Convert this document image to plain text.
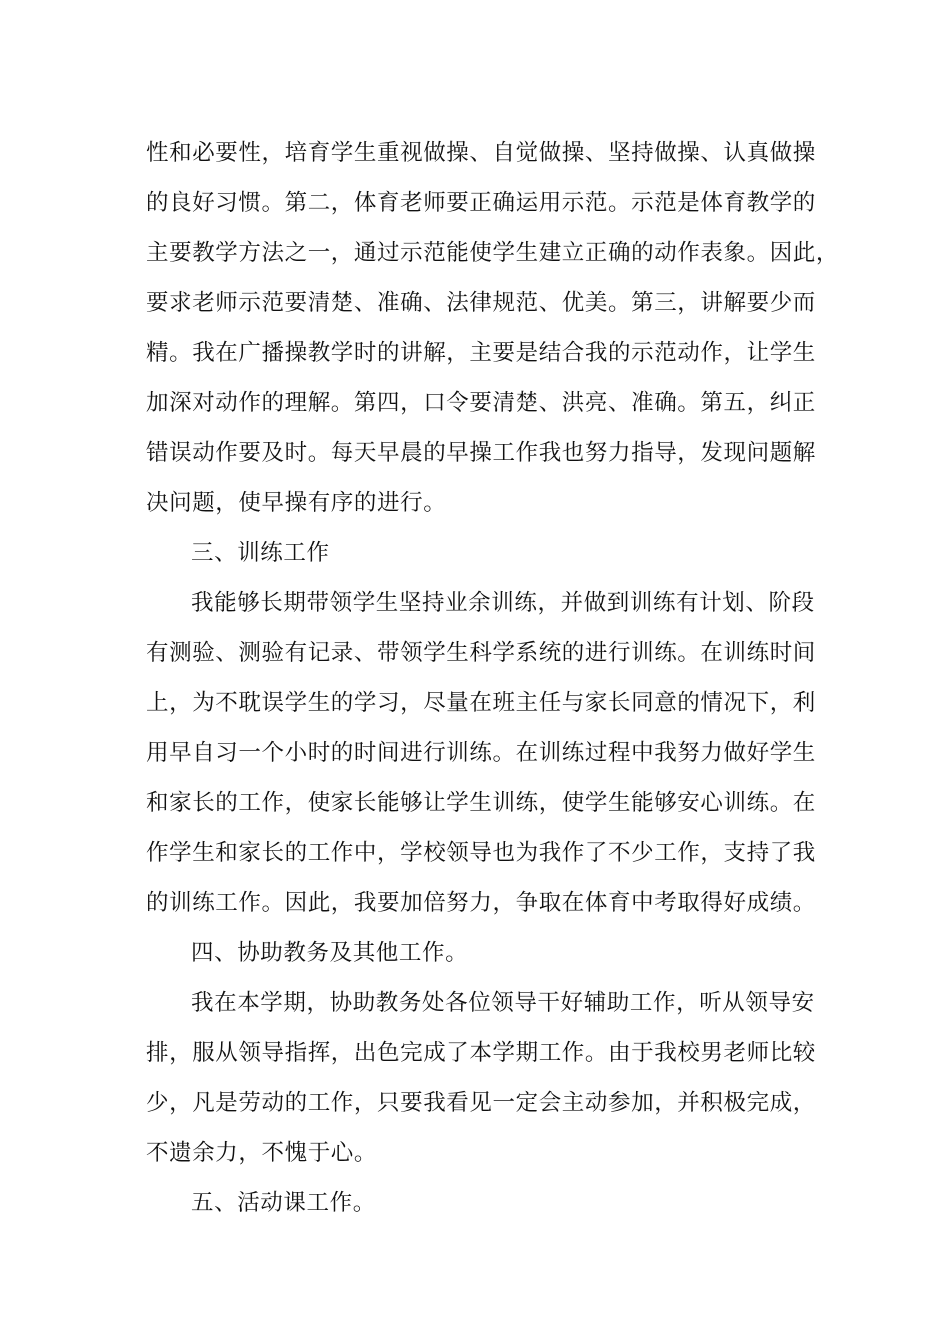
性和必要性，培育学生重视做操、自觉做操、坚持做操、认真做操
的良好习惯。第二，体育老师要正确运用示范。示范是体育教学的
主要教学方法之一，通过示范能使学生建立正确的动作表象。因此，
要求老师示范要清楚、准确、法律规范、优美。第三，讲解要少而
精。我在广播操教学时的讲解，主要是结合我的示范动作，让学生
加深对动作的理解。第四，口令要清楚、洪亮、准确。第五，纠正
错误动作要及时。每天早晨的早操工作我也努力指导，发现问题解
决问题，使早操有序的进行。
三、训练工作
我能够长期带领学生坚持业余训练，并做到训练有计划、阶段
有测验、测验有记录、带领学生科学系统的进行训练。在训练时间
上，为不耽误学生的学习，尽量在班主任与家长同意的情况下，利
用早自习一个小时的时间进行训练。在训练过程中我努力做好学生
和家长的工作，使家长能够让学生训练，使学生能够安心训练。在
作学生和家长的工作中，学校领导也为我作了不少工作，支持了我
的训练工作。因此，我要加倍努力，争取在体育中考取得好成绩。
四、协助教务及其他工作。
我在本学期，协助教务处各位领导干好辅助工作，听从领导安
排，服从领导指挥，出色完成了本学期工作。由于我校男老师比较
少，凡是劳动的工作，只要我看见一定会主动参加，并积极完成，
不遗余力，不愧于心。
五、活动课工作。
